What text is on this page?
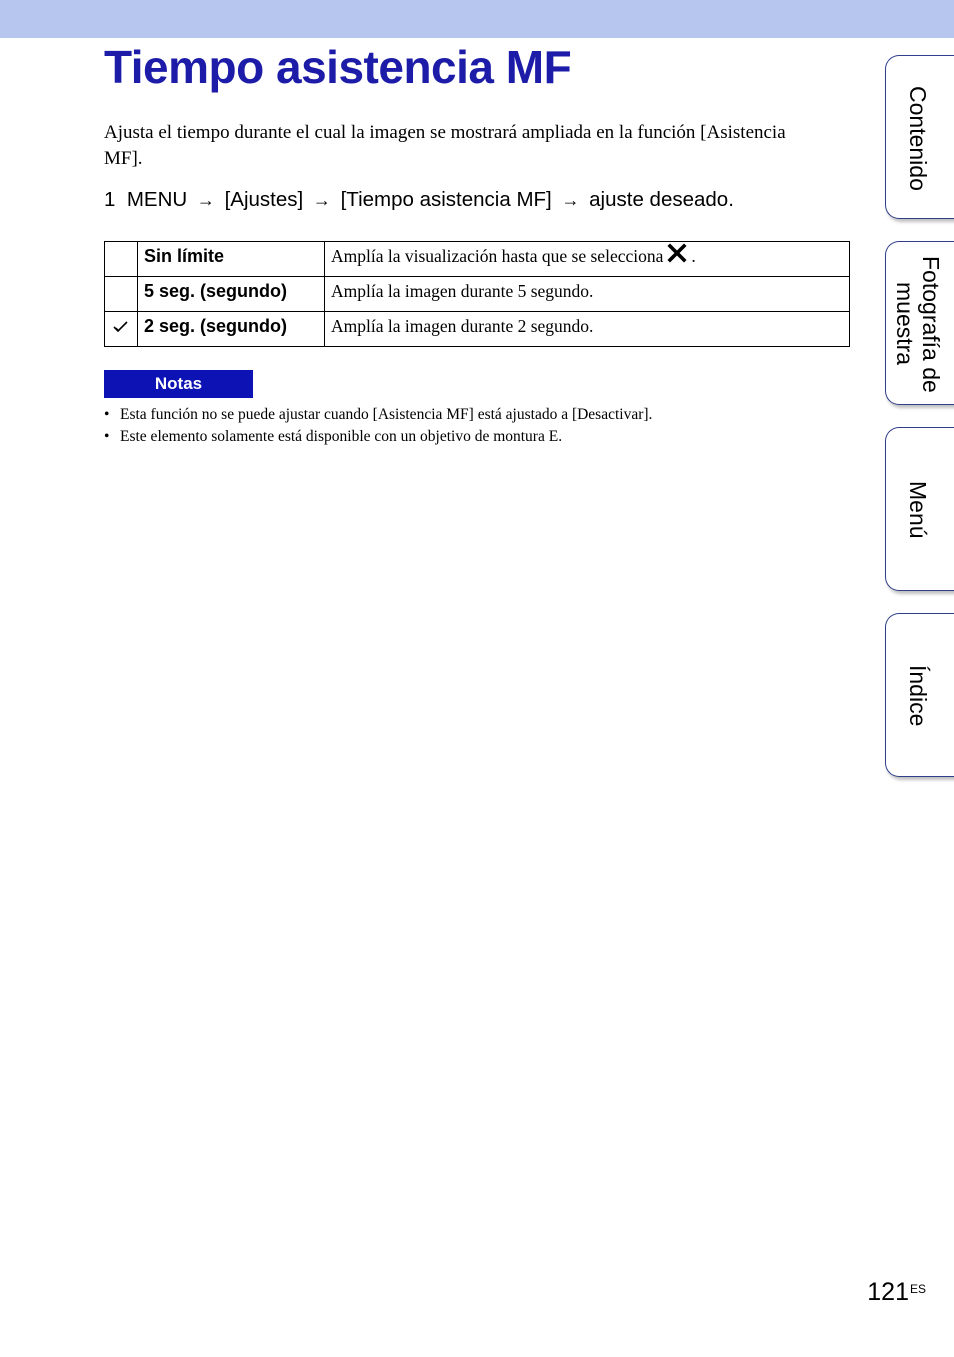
Tiempo asistencia MF
Ajusta el tiempo durante el cual la imagen se mostrará ampliada en la función [Asistencia MF].
1 MENU → [Ajustes] → [Tiempo asistencia MF] → ajuste deseado.
	Sin límite	Amplía la visualización hasta que se selecciona .
	5 seg. (segundo)	Amplía la imagen durante 5 segundo.
	2 seg. (segundo)	Amplía la imagen durante 2 segundo.
Notas
• Esta función no se puede ajustar cuando [Asistencia MF] está ajustado a [Desactivar].
• Este elemento solamente está disponible con un objetivo de montura E.
Contenido
Fotografía de muestra
Menú
Índice
$121^{ES}$
